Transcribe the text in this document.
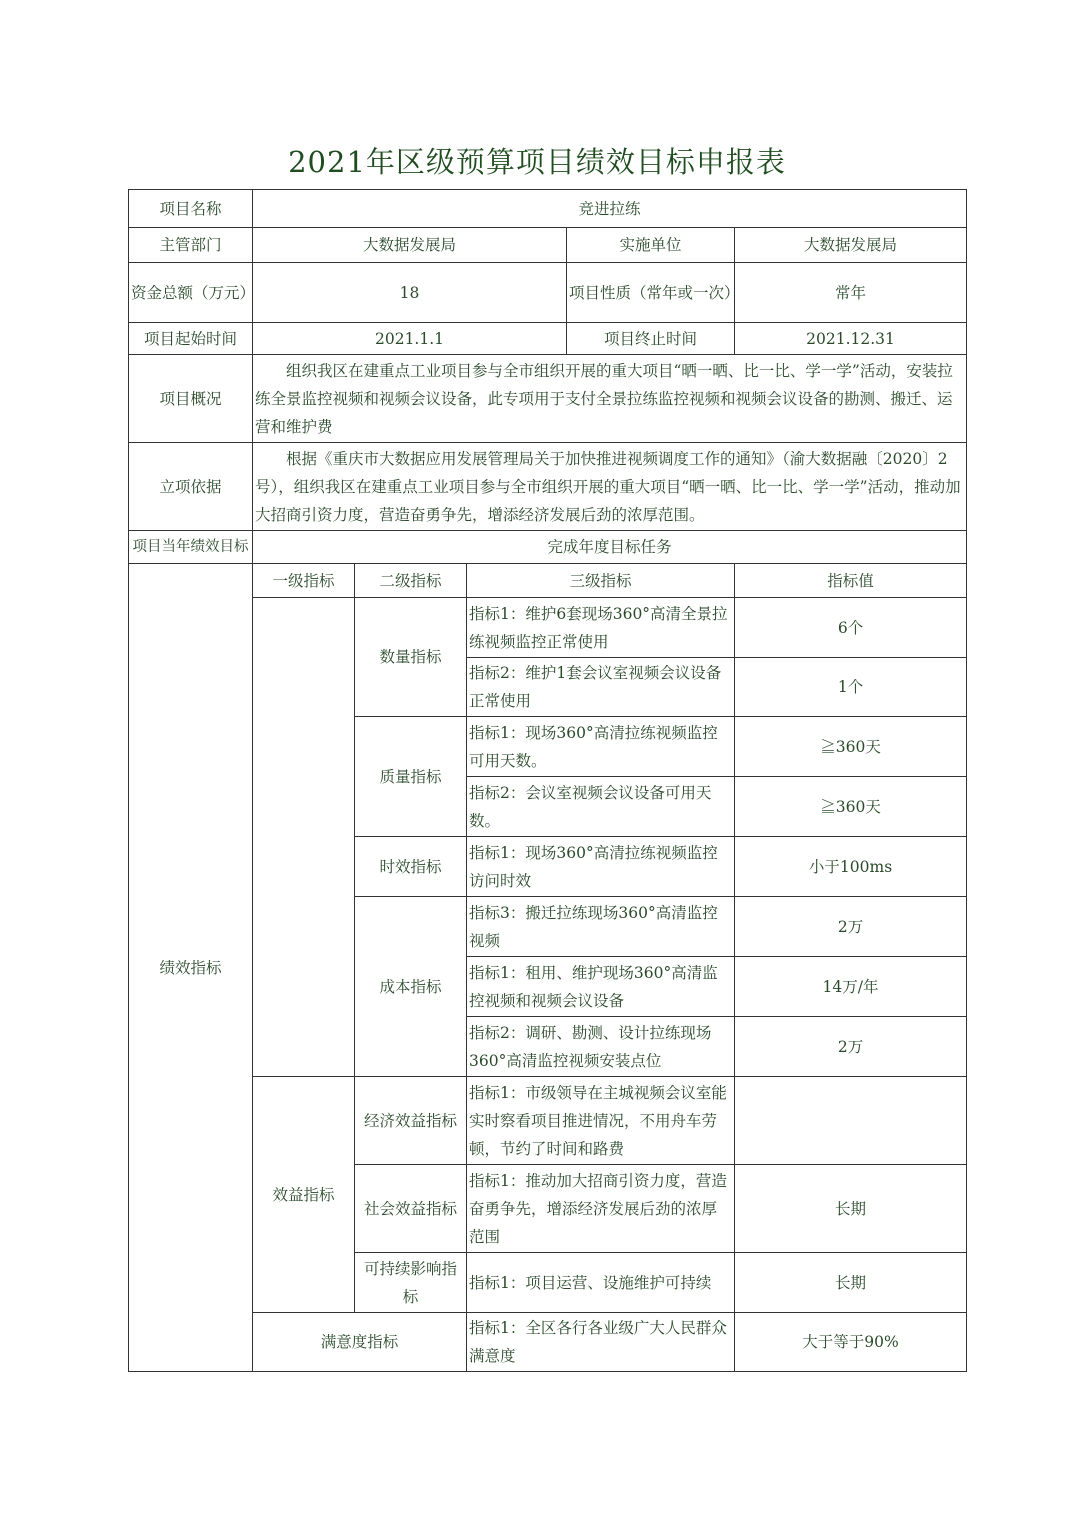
2021年区级预算项目绩效目标申报表
项目名称	竞进拉练				
主管部门	大数据发展局			实施单位	大数据发展局
资金总额（万元）	18			项目性质（常年或一次）	常年
项目起始时间	2021.1.1			项目终止时间	2021.12.31
项目概况	组织我区在建重点工业项目参与全市组织开展的重大项目“晒一晒、比一比、学一学”活动，安装拉练全景监控视频和视频会议设备，此专项用于支付全景拉练监控视频和视频会议设备的勘测、搬迁、运营和维护费				
立项依据	根据《重庆市大数据应用发展管理局关于加快推进视频调度工作的通知》（渝大数据融〔2020〕2号），组织我区在建重点工业项目参与全市组织开展的重大项目“晒一晒、比一比、学一学”活动，推动加大招商引资力度，营造奋勇争先，增添经济发展后劲的浓厚范围。				
项目当年绩效目标	完成年度目标任务				
绩效指标	一级指标	二级指标	三级指标		指标值
		数量指标	指标1：维护6套现场360°高清全景拉练视频监控正常使用		6个
			指标2：维护1套会议室视频会议设备正常使用		1个
		质量指标	指标1：现场360°高清拉练视频监控可用天数。		≧360天
			指标2：会议室视频会议设备可用天数。		≧360天
		时效指标	指标1：现场360°高清拉练视频监控访问时效		小于100ms
		成本指标	指标3：搬迁拉练现场360°高清监控视频		2万
			指标1：租用、维护现场360°高清监控视频和视频会议设备		14万/年
			指标2：调研、勘测、设计拉练现场360°高清监控视频安装点位		2万
	效益指标	经济效益指标	指标1：市级领导在主城视频会议室能实时察看项目推进情况，不用舟车劳顿，节约了时间和路费		
		社会效益指标	指标1：推动加大招商引资力度，营造奋勇争先，增添经济发展后劲的浓厚范围		长期
		可持续影响指标	指标1：项目运营、设施维护可持续		长期
	满意度指标		指标1：全区各行各业级广大人民群众满意度		大于等于90%
